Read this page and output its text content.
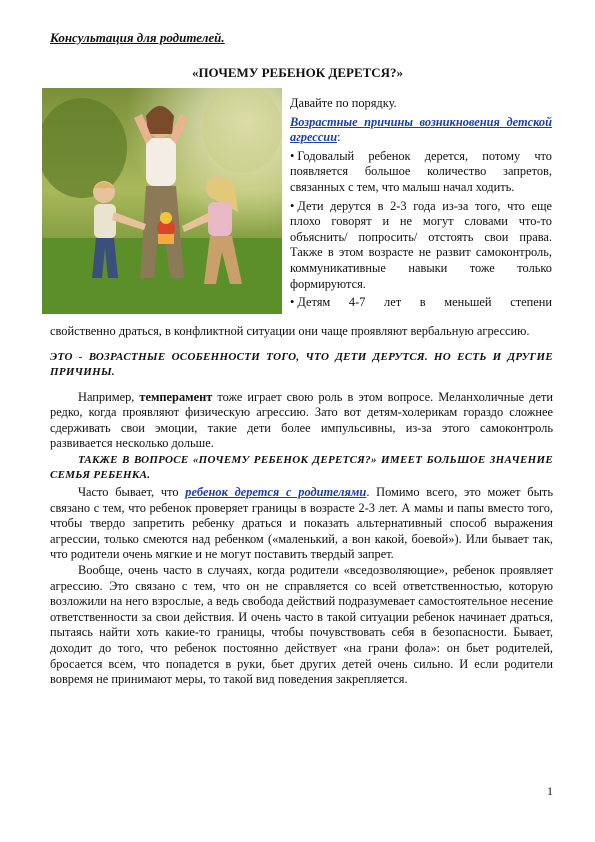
Консультация для родителей.
«ПОЧЕМУ РЕБЕНОК ДЕРЕТСЯ?»

Давайте по порядку.

Возрастные причины возникновения детской агрессии:

• Годовалый ребенок дерется, потому что появляется большое количество запретов, связанных с тем, что малыш начал ходить.

• Дети дерутся в 2-3 года из-за того, что еще плохо говорят и не могут словами что-то объяснить/ попросить/ отстоять свои права. Также в этом возрасте не развит самоконтроль, коммуникативные навыки тоже только формируются.

• Детям 4-7 лет в меньшей степени

свойственно драться, в конфликтной ситуации они чаще проявляют вербальную агрессию.

ЭТО - ВОЗРАСТНЫЕ ОСОБЕННОСТИ ТОГО, ЧТО ДЕТИ ДЕРУТСЯ. НО ЕСТЬ И ДРУГИЕ ПРИЧИНЫ.

Например, темперамент тоже играет свою роль в этом вопросе. Меланхоличные дети редко, когда проявляют физическую агрессию. Зато вот детям-холерикам гораздо сложнее сдерживать свои эмоции, такие дети более импульсивны, из-за этого самоконтроль развивается несколько дольше.

ТАКЖЕ В ВОПРОСЕ «ПОЧЕМУ РЕБЕНОК ДЕРЕТСЯ?» ИМЕЕТ БОЛЬШОЕ ЗНАЧЕНИЕ СЕМЬЯ РЕБЕНКА.

Часто бывает, что ребенок дерется с родителями. Помимо всего, это может быть связано с тем, что ребенок проверяет границы в возрасте 2-3 лет. А мамы и папы вместо того, чтобы твердо запретить ребенку драться и показать альтернативный способ выражения агрессии, только смеются над ребенком («маленький, а вон какой, боевой»). Или бывает так, что родители очень мягкие и не могут поставить твердый запрет.

Вообще, очень часто в случаях, когда родители «вседозволяющие», ребенок проявляет агрессию. Это связано с тем, что он не справляется со всей ответственностью, которую возложили на него взрослые, а ведь свобода действий подразумевает самостоятельное несение ответственности за свои действия. И очень часто в такой ситуации ребенок начинает драться, пытаясь найти хоть какие-то границы, чтобы почувствовать себя в безопасности. Бывает, доходит до того, что ребенок постоянно действует «на грани фола»: он бьет родителей, бросается всем, что попадется в руки, бьет других детей очень сильно. И если родители вовремя не принимают меры, то такой вид поведения закрепляется.

1
